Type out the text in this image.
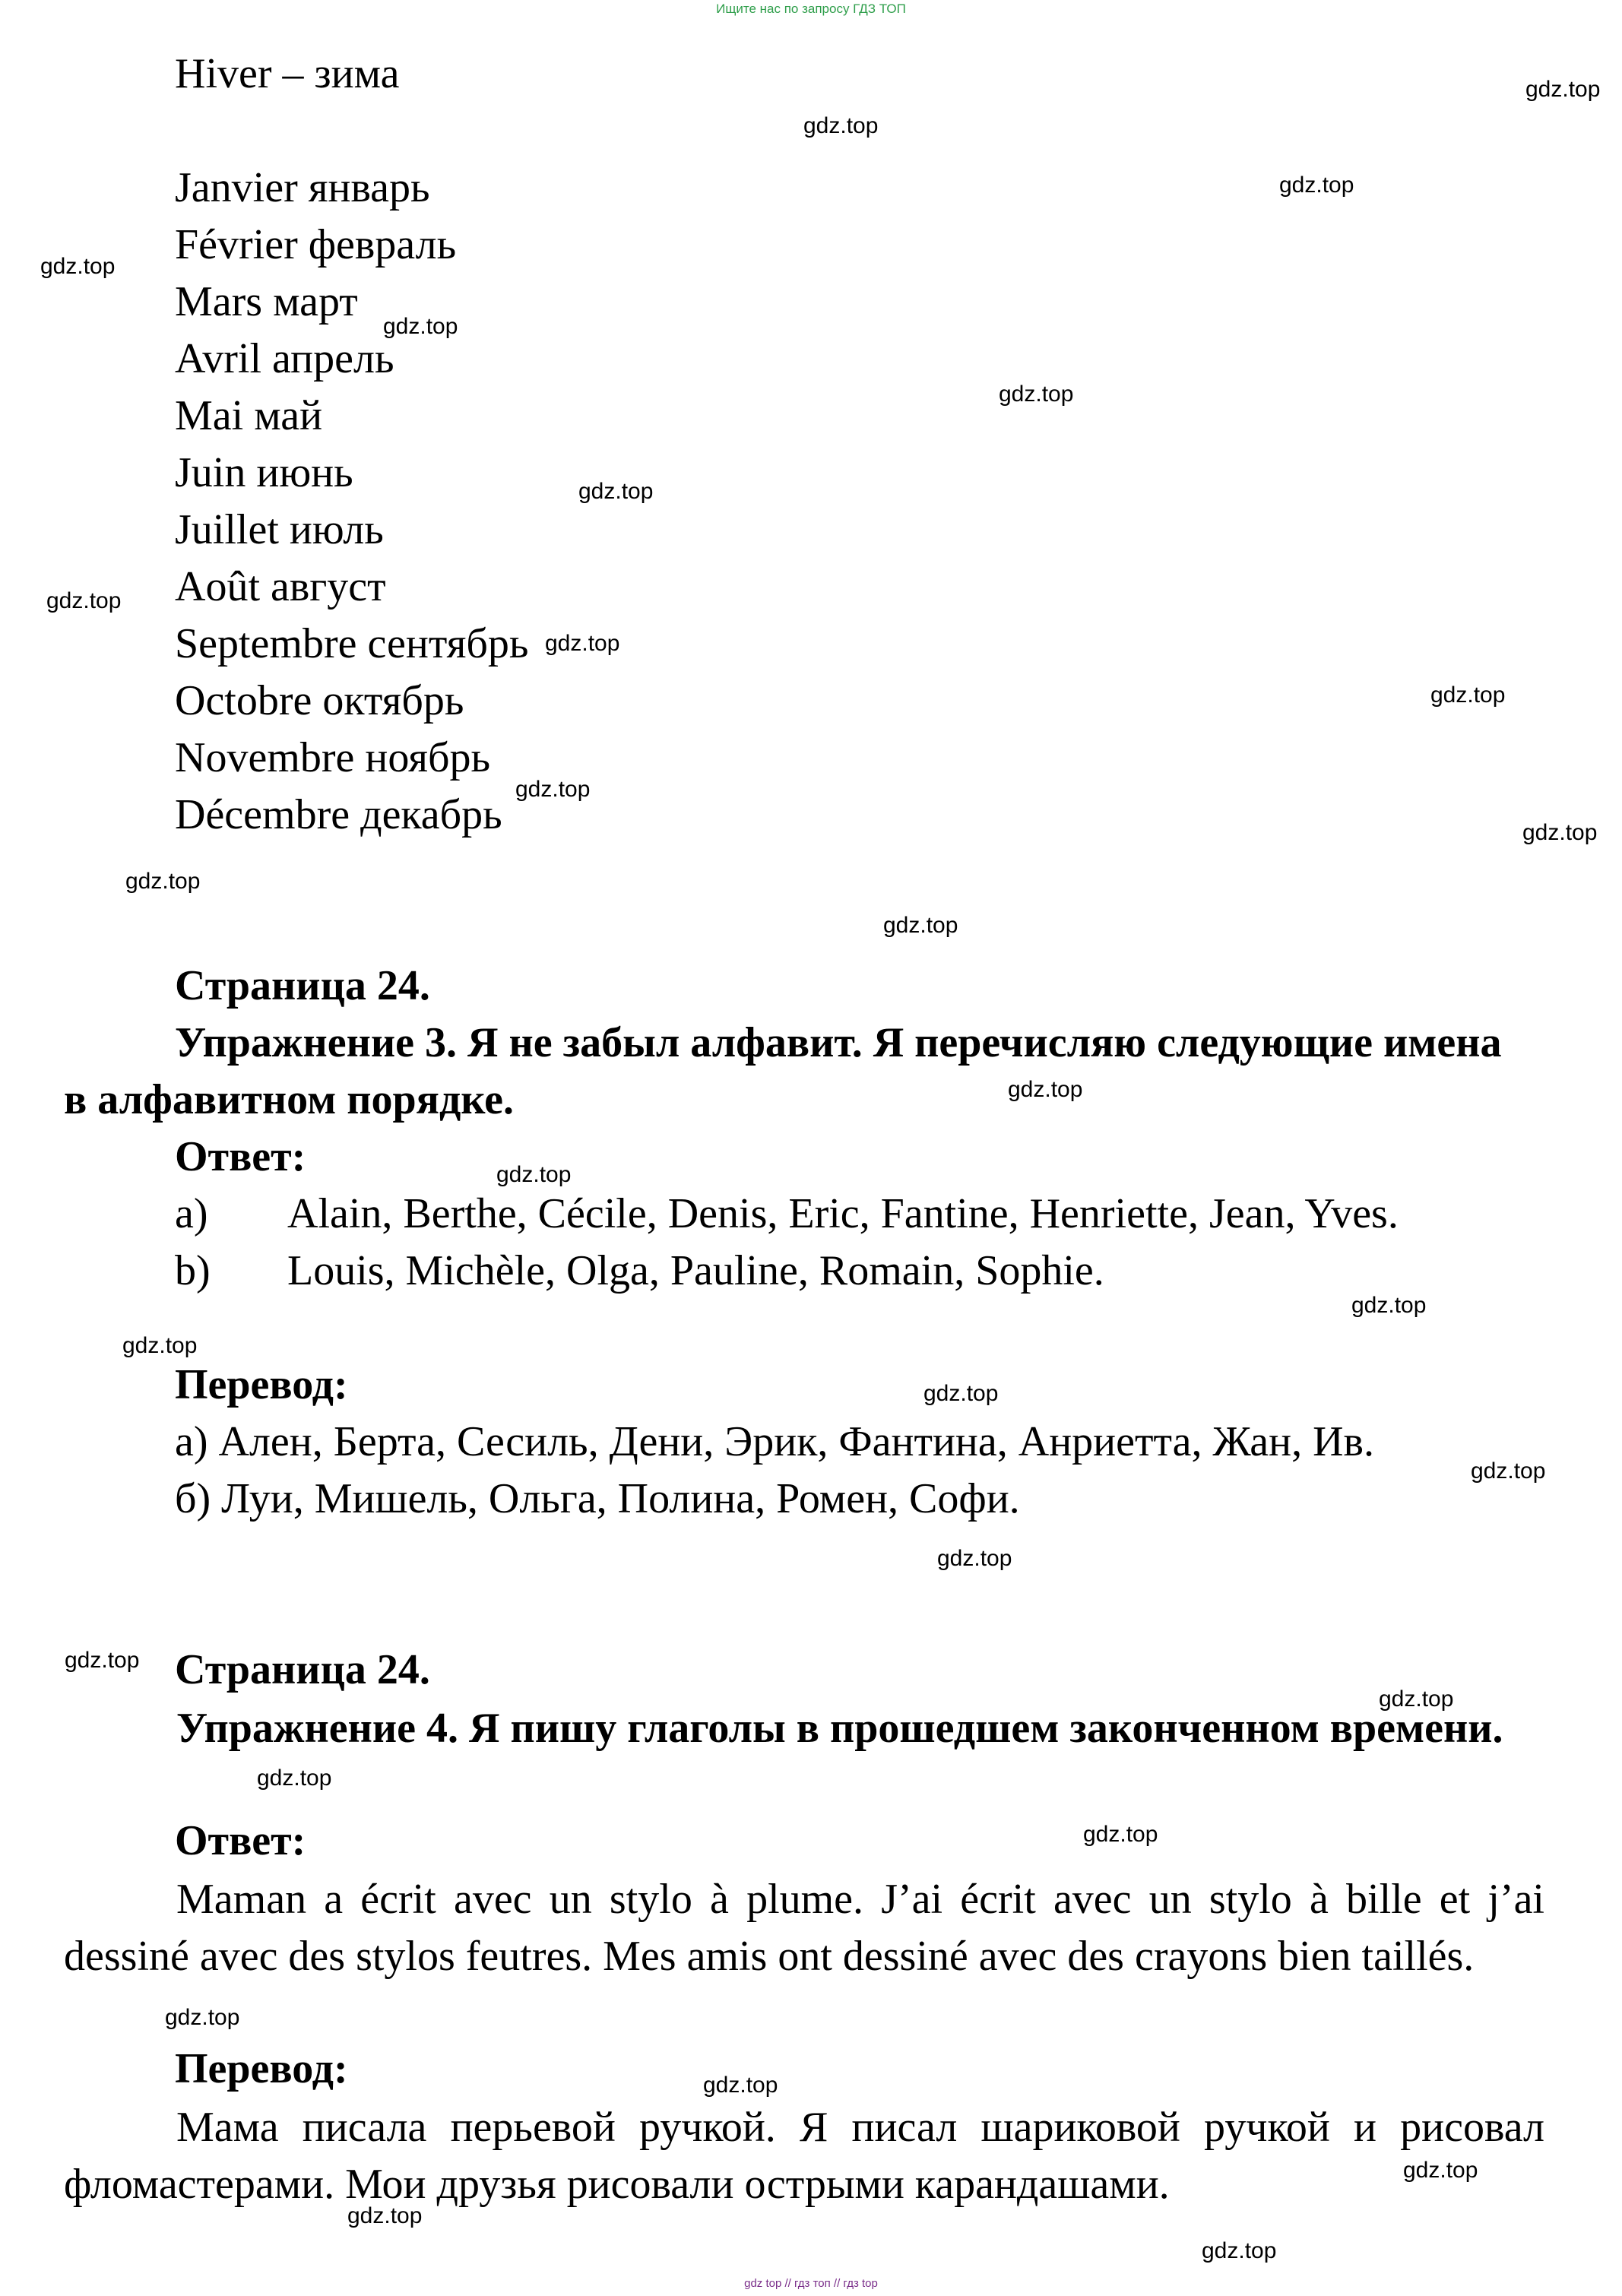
Ищите нас по запросу ГДЗ ТОП
Hiver – зима
Janvier январь
Février февраль
Mars март
Avril апрель
Mai май
Juin июнь
Juillet июль
Août август
Septembre сентябрь
Octobre октябрь
Novembre ноябрь
Décembre декабрь
Страница 24.
Упражнение 3. Я не забыл алфавит. Я перечисляю следующие имена
в алфавитном порядке.
Ответ:
a) Alain, Berthe, Cécile, Denis, Eric, Fantine, Henriette, Jean, Yves.
b) Louis, Michèle, Olga, Pauline, Romain, Sophie.
Перевод:
а) Ален, Берта, Сесиль, Дени, Эрик, Фантина, Анриетта, Жан, Ив.
б) Луи, Мишель, Ольга, Полина, Ромен, Софи.
Страница 24.
Упражнение 4. Я пишу глаголы в прошедшем законченном времени.
Ответ:
Maman a écrit avec un stylo à plume. J’ai écrit avec un stylo à bille et j’ai dessiné avec des stylos feutres. Mes amis ont dessiné avec des crayons bien taillés.
Перевод:
Мама писала перьевой ручкой. Я писал шариковой ручкой и рисовал фломастерами. Мои друзья рисовали острыми карандашами.
gdz.top
gdz.top
gdz.top
gdz.top
gdz.top
gdz.top
gdz.top
gdz.top
gdz.top
gdz.top
gdz.top
gdz.top
gdz.top
gdz.top
gdz.top
gdz.top
gdz.top
gdz.top
gdz.top
gdz.top
gdz.top
gdz.top
gdz.top
gdz.top
gdz.top
gdz.top
gdz.top
gdz.top
gdz.top
gdz.top
gdz top // гдз топ // гдз top
